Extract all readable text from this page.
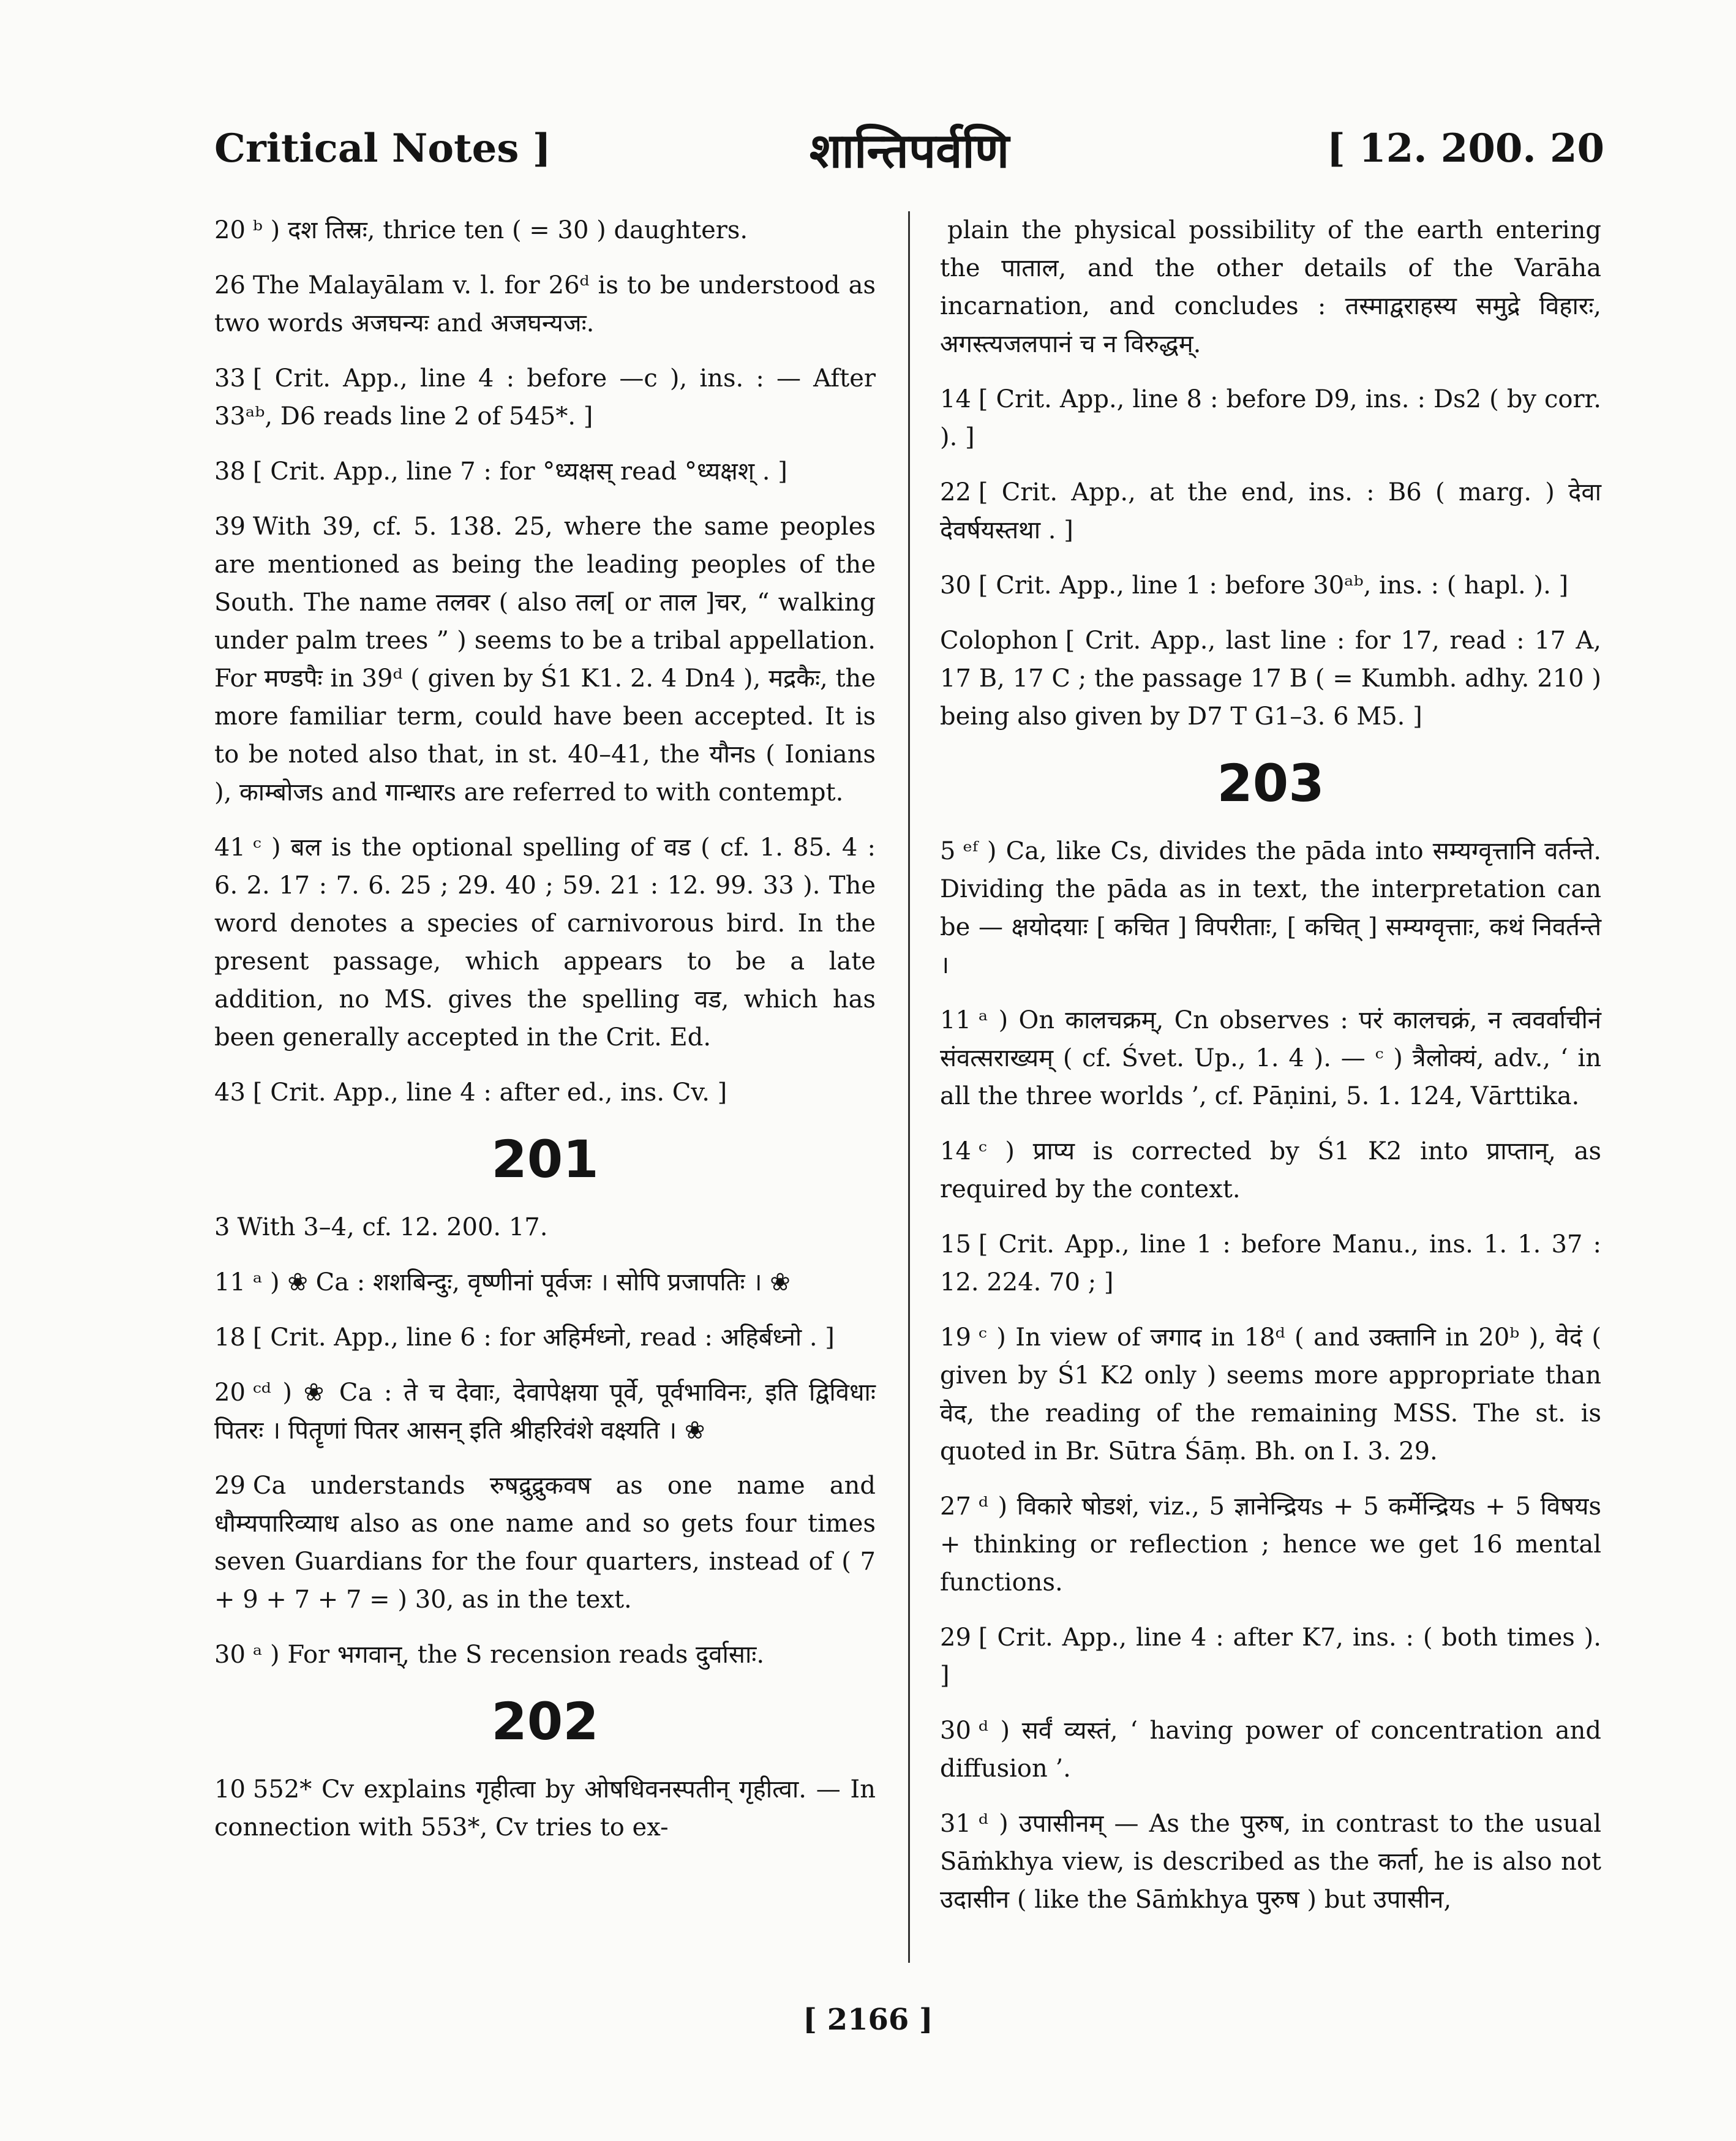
Critical Notes ]	शान्तिपर्वणि	[ 12. 200. 20

20 ᵇ ) दश तिस्रः, thrice ten ( = 30 ) daughters.

26 The Malayālam v. l. for 26ᵈ is to be understood as two words अजघन्यः and अजघन्यजः.

33 [ Crit. App., line 4 : before —c ), ins. : — After 33ᵃᵇ, D6 reads line 2 of 545*. ]

38 [ Crit. App., line 7 : for °ध्यक्षस् read °ध्यक्षश् . ]

39 With 39, cf. 5. 138. 25, where the same peoples are mentioned as being the leading peoples of the South. The name तलवर ( also तल[ or ताल ]चर, “ walking under palm trees ” ) seems to be a tribal appellation. For मण्डपैः in 39ᵈ ( given by Ś1 K1. 2. 4 Dn4 ), मद्रकैः, the more familiar term, could have been accepted. It is to be noted also that, in st. 40–41, the यौनs ( Ionians ), काम्बोजs and गान्धारs are referred to with contempt.

41 ᶜ ) बल is the optional spelling of वड ( cf. 1. 85. 4 : 6. 2. 17 : 7. 6. 25 ; 29. 40 ; 59. 21 : 12. 99. 33 ). The word denotes a species of carnivorous bird. In the present passage, which appears to be a late addition, no MS. gives the spelling वड, which has been generally accepted in the Crit. Ed.

43 [ Crit. App., line 4 : after ed., ins. Cv. ]

201

3 With 3–4, cf. 12. 200. 17.

11 ᵃ ) ❀ Ca : शशबिन्दुः, वृष्णीनां पूर्वजः । सोपि प्रजापतिः । ❀

18 [ Crit. App., line 6 : for अहिर्मध्नो, read : अहिर्बध्नो . ]

20 ᶜᵈ ) ❀ Ca : ते च देवाः, देवापेक्षया पूर्वे, पूर्वभाविनः, इति द्विविधाः पितरः । पितॄणां पितर आसन् इति श्रीहरिवंशे वक्ष्यति । ❀

29 Ca understands रुषद्रुद्रुकवष as one name and धौम्यपारिव्याध also as one name and so gets four times seven Guardians for the four quarters, instead of ( 7 + 9 + 7 + 7 = ) 30, as in the text.

30 ᵃ ) For भगवान्, the S recension reads दुर्वासाः.

202

10 552* Cv explains गृहीत्वा by ओषधिवनस्पतीन् गृहीत्वा. — In connection with 553*, Cv tries to ex-

plain the physical possibility of the earth entering the पाताल, and the other details of the Varāha incarnation, and concludes : तस्माद्वराहस्य समुद्रे विहारः, अगस्त्यजलपानं च न विरुद्धम्.

14 [ Crit. App., line 8 : before D9, ins. : Ds2 ( by corr. ). ]

22 [ Crit. App., at the end, ins. : B6 ( marg. ) देवा देवर्षयस्तथा . ]

30 [ Crit. App., line 1 : before 30ᵃᵇ, ins. : ( hapl. ). ]

Colophon [ Crit. App., last line : for 17, read : 17 A, 17 B, 17 C ; the passage 17 B ( = Kumbh. adhy. 210 ) being also given by D7 T G1–3. 6 M5. ]

203

5 ᵉᶠ ) Ca, like Cs, divides the pāda into सम्यग्वृत्तानि वर्तन्ते. Dividing the pāda as in text, the interpretation can be — क्षयोदयाः [ कचित ] विपरीताः, [ कचित् ] सम्यग्वृत्ताः, कथं निवर्तन्ते ।

11 ᵃ ) On कालचक्रम्, Cn observes : परं कालचक्रं, न त्ववर्वाचीनं संवत्सराख्यम् ( cf. Śvet. Up., 1. 4 ). — ᶜ ) त्रैलोक्यं, adv., ‘ in all the three worlds ’, cf. Pāṇini, 5. 1. 124, Vārttika.

14 ᶜ ) प्राप्य is corrected by Ś1 K2 into प्राप्तान्, as required by the context.

15 [ Crit. App., line 1 : before Manu., ins. 1. 1. 37 : 12. 224. 70 ; ]

19 ᶜ ) In view of जगाद in 18ᵈ ( and उक्तानि in 20ᵇ ), वेदं ( given by Ś1 K2 only ) seems more appropriate than वेद, the reading of the remaining MSS. The st. is quoted in Br. Sūtra Śāṃ. Bh. on I. 3. 29.

27 ᵈ ) विकारे षोडशं, viz., 5 ज्ञानेन्द्रियs + 5 कर्मेन्द्रियs + 5 विषयs + thinking or reflection ; hence we get 16 mental functions.

29 [ Crit. App., line 4 : after K7, ins. : ( both times ). ]

30 ᵈ ) सर्वं व्यस्तं, ‘ having power of concentration and diffusion ’.

31 ᵈ ) उपासीनम् — As the पुरुष, in contrast to the usual Sāṁkhya view, is described as the कर्ता, he is also not उदासीन ( like the Sāṁkhya पुरुष ) but उपासीन,

[ 2166 ]
